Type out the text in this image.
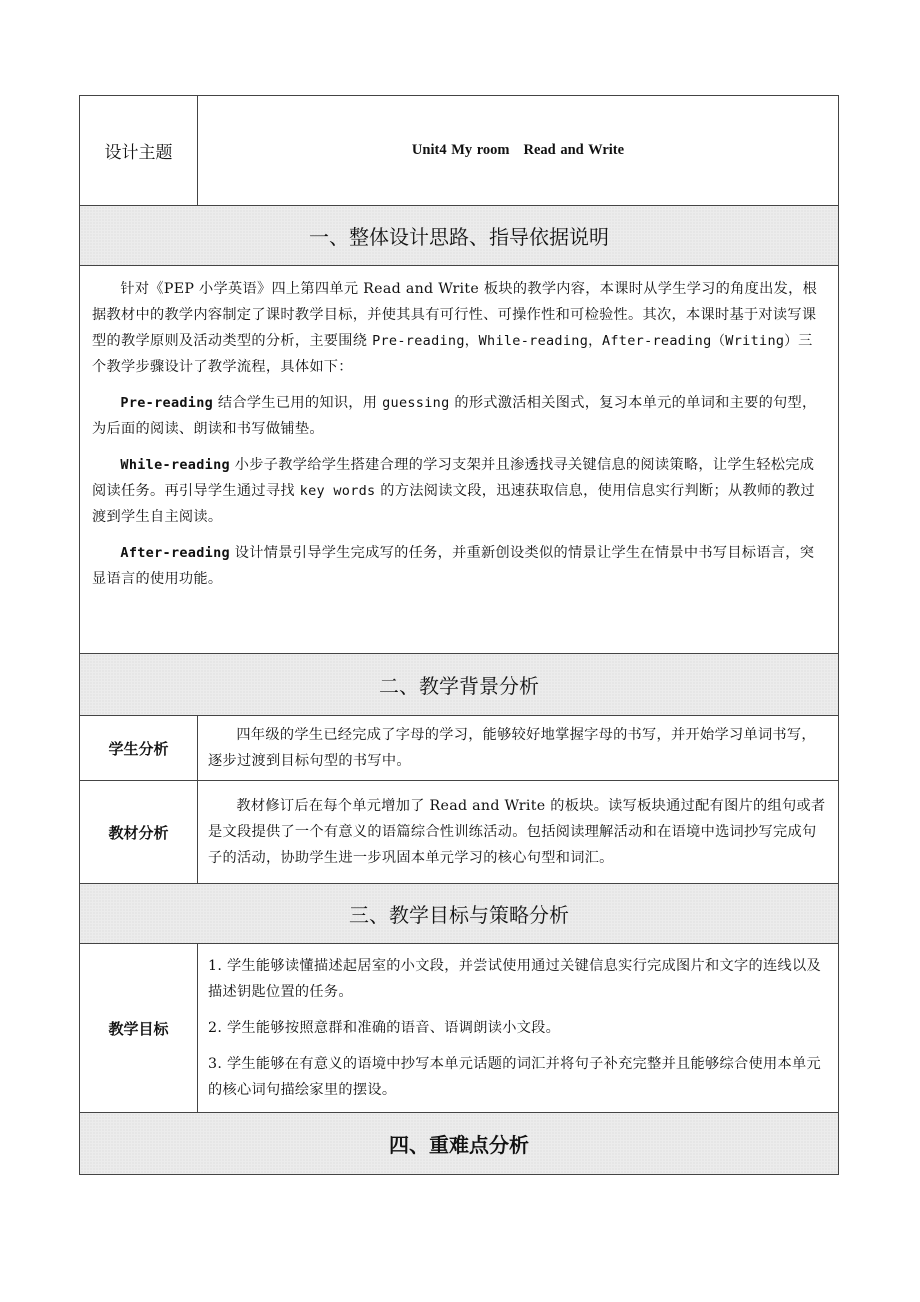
设计主题	Unit4 My room Read and Write
一、整体设计思路、指导依据说明	

针对《PEP 小学英语》四上第四单元 Read and Write 板块的教学内容，本课时从学生学习的角度出发，根据教材中的教学内容制定了课时教学目标，并使其具有可行性、可操作性和可检验性。其次，本课时基于对读写课型的教学原则及活动类型的分析，主要围绕 Pre-reading，While-reading，After-reading（Writing）三个教学步骤设计了教学流程，具体如下：

Pre-reading 结合学生已用的知识，用 guessing 的形式激活相关图式，复习本单元的单词和主要的句型，为后面的阅读、朗读和书写做铺垫。

While-reading 小步子教学给学生搭建合理的学习支架并且渗透找寻关键信息的阅读策略，让学生轻松完成阅读任务。再引导学生通过寻找 key words 的方法阅读文段，迅速获取信息，使用信息实行判断；从教师的教过渡到学生自主阅读。

After-reading 设计情景引导学生完成写的任务，并重新创设类似的情景让学生在情景中书写目标语言，突显语言的使用功能。	

二、教学背景分析	
学生分析	四年级的学生已经完成了字母的学习，能够较好地掌握字母的书写，并开始学习单词书写，逐步过渡到目标句型的书写中。

教材分析	教材修订后在每个单元增加了 Read and Write 的板块。读写板块通过配有图片的组句或者是文段提供了一个有意义的语篇综合性训练活动。包括阅读理解活动和在语境中选词抄写完成句子的活动，协助学生进一步巩固本单元学习的核心句型和词汇。

三、教学目标与策略分析	
教学目标	1. 学生能够读懂描述起居室的小文段，并尝试使用通过关键信息实行完成图片和文字的连线以及描述钥匙位置的任务。

2. 学生能够按照意群和准确的语音、语调朗读小文段。

3. 学生能够在有意义的语境中抄写本单元话题的词汇并将句子补充完整并且能够综合使用本单元的核心词句描绘家里的摆设。

四、重难点分析	
